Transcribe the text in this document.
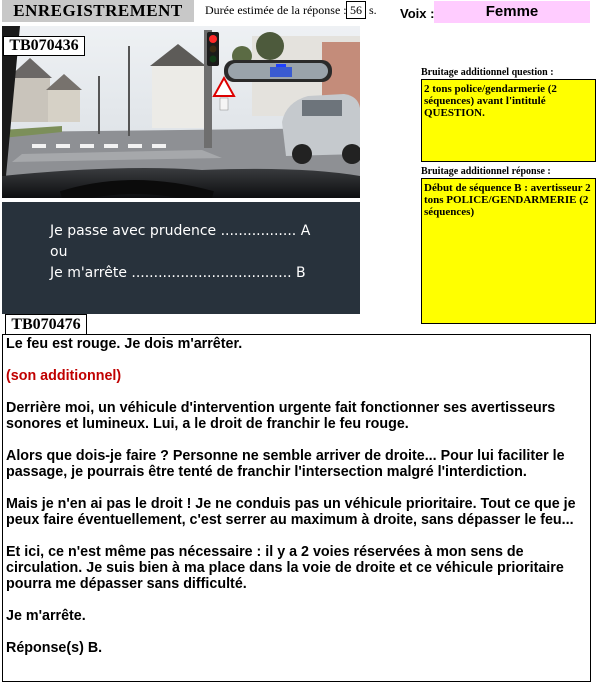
ENREGISTREMENT	Durée estimée de la réponse : 56 s. Voix :	Femme
TB070436
Je passe avec prudence ................. A
ou
Je m'arrête .................................... B
Bruitage additionnel question :
2 tons police/gendarmerie (2 séquences) avant l'intitulé QUESTION.
Bruitage additionnel réponse :
Début de séquence B : avertisseur 2 tons POLICE/GENDARMERIE (2 séquences)
TB070476

Le feu est rouge. Je dois m'arrêter.

(son additionnel)

Derrière moi, un véhicule d'intervention urgente fait fonctionner ses avertisseurs sonores et lumineux. Lui, a le droit de franchir le feu rouge.

Alors que dois-je faire ? Personne ne semble arriver de droite... Pour lui faciliter le passage, je pourrais être tenté de franchir l'intersection malgré l'interdiction.

Mais je n'en ai pas le droit ! Je ne conduis pas un véhicule prioritaire. Tout ce que je peux faire éventuellement, c'est serrer au maximum à droite, sans dépasser le feu...

Et ici, ce n'est même pas nécessaire : il y a 2 voies réservées à mon sens de circulation. Je suis bien à ma place dans la voie de droite et ce véhicule prioritaire pourra me dépasser sans difficulté.

Je m'arrête.

Réponse(s) B.
